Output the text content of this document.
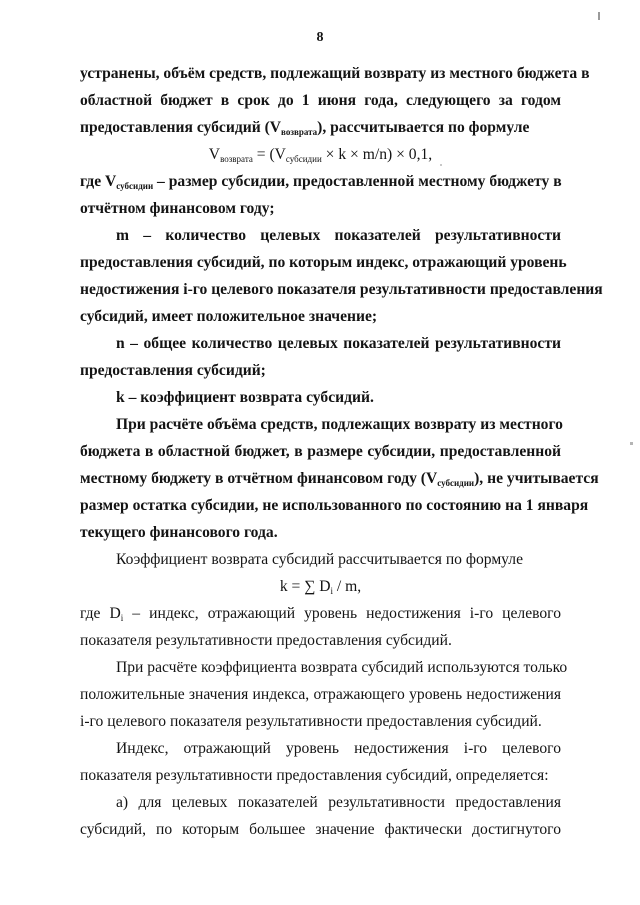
8

устранены, объём средств, подлежащий возврату из местного бюджета в

областной бюджет в срок до 1 июня года, следующего за годом

предоставления субсидий $(V_{возврата})$, рассчитывается по формуле

Vвозврата = (Vсубсидии × k × m/n) × 0,1,

где $V_{субсидии}$ – размер субсидии, предоставленной местному бюджету в

отчётном финансовом году;

m – количество целевых показателей результативности

предоставления субсидий, по которым индекс, отражающий уровень

недостижения i-го целевого показателя результативности предоставления

субсидий, имеет положительное значение;

n – общее количество целевых показателей результативности

предоставления субсидий;

k – коэффициент возврата субсидий.

При расчёте объёма средств, подлежащих возврату из местного

бюджета в областной бюджет, в размере субсидии, предоставленной

местному бюджету в отчётном финансовом году $(V_{субсидии})$, не учитывается

размер остатка субсидии, не использованного по состоянию на 1 января

текущего финансового года.

Коэффициент возврата субсидий рассчитывается по формуле

k = ∑ Di / m,

где Di – индекс, отражающий уровень недостижения i-го целевого

показателя результативности предоставления субсидий.

При расчёте коэффициента возврата субсидий используются только

положительные значения индекса, отражающего уровень недостижения

i-го целевого показателя результативности предоставления субсидий.

Индекс, отражающий уровень недостижения i-го целевого

показателя результативности предоставления субсидий, определяется:

а) для целевых показателей результативности предоставления

субсидий, по которым большее значение фактически достигнутого
